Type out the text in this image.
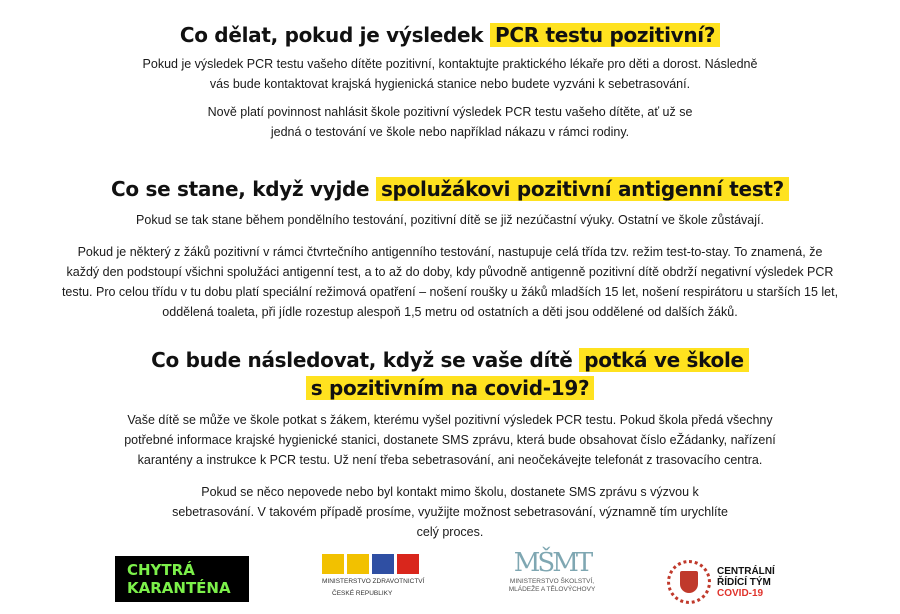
Co dělat, pokud je výsledek PCR testu pozitivní?

Pokud je výsledek PCR testu vašeho dítěte pozitivní, kontaktujte praktického lékaře pro děti a dorost. Následně vás bude kontaktovat krajská hygienická stanice nebo budete vyzváni k sebetrasování.

Nově platí povinnost nahlásit škole pozitivní výsledek PCR testu vašeho dítěte, ať už se jedná o testování ve škole nebo například nákazu v rámci rodiny.

Co se stane, když vyjde spolužákovi pozitivní antigenní test?

Pokud se tak stane během pondělního testování, pozitivní dítě se již nezúčastní výuky. Ostatní ve škole zůstávají.

Pokud je některý z žáků pozitivní v rámci čtvrtečního antigenního testování, nastupuje celá třída tzv. režim test-to-stay. To znamená, že každý den podstoupí všichni spolužáci antigenní test, a to až do doby, kdy původně antigenně pozitivní dítě obdrží negativní výsledek PCR testu. Pro celou třídu v tu dobu platí speciální režimová opatření – nošení roušky u žáků mladších 15 let, nošení respirátoru u starších 15 let, oddělená toaleta, při jídle rozestup alespoň 1,5 metru od ostatních a děti jsou oddělené od dalších žáků.

Co bude následovat, když se vaše dítě potká ve škole
s pozitivním na covid-19?

Vaše dítě se může ve škole potkat s žákem, kterému vyšel pozitivní výsledek PCR testu. Pokud škola předá všechny potřebné informace krajské hygienické stanici, dostanete SMS zprávu, která bude obsahovat číslo eŽádanky, nařízení karantény a instrukce k PCR testu. Už není třeba sebetrasování, ani neočekávejte telefonát z trasovacího centra.

Pokud se něco nepovede nebo byl kontakt mimo školu, dostanete SMS zprávu s výzvou k sebetrasování. V takovém případě prosíme, využijte možnost sebetrasování, významně tím urychlíte celý proces.

CHYTRÁ
KARANTÉNA	MINISTERSTVO ZDRAVOTNICTVÍ
ČESKÉ REPUBLIKY
MŠMT
MINISTERSTVO ŠKOLSTVÍ,
MLÁDEŽE A TĚLOVÝCHOVY
CENTRÁLNÍ
ŘÍDÍCÍ TÝM
COVID-19
